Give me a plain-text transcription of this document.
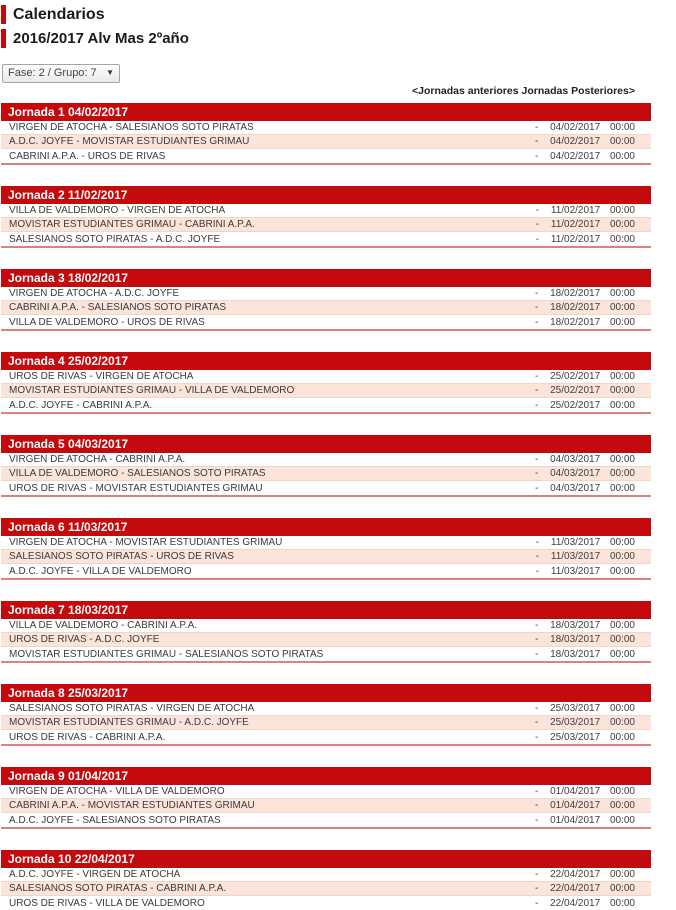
Calendarios
2016/2017 Alv Mas 2ºaño
Fase: 2 / Grupo: 7
▼
<Jornadas anteriores Jornadas Posteriores>
Jornada 1 04/02/2017
VIRGEN DE ATOCHA - SALESIANOS SOTO PIRATAS	- 04/02/2017 00:00
A.D.C. JOYFE - MOVISTAR ESTUDIANTES GRIMAU	- 04/02/2017 00:00
CABRINI A.P.A. - UROS DE RIVAS	- 04/02/2017 00:00
Jornada 2 11/02/2017
VILLA DE VALDEMORO - VIRGEN DE ATOCHA	- 11/02/2017 00:00
MOVISTAR ESTUDIANTES GRIMAU - CABRINI A.P.A.	- 11/02/2017 00:00
SALESIANOS SOTO PIRATAS - A.D.C. JOYFE	- 11/02/2017 00:00
Jornada 3 18/02/2017
VIRGEN DE ATOCHA - A.D.C. JOYFE	- 18/02/2017 00:00
CABRINI A.P.A. - SALESIANOS SOTO PIRATAS	- 18/02/2017 00:00
VILLA DE VALDEMORO - UROS DE RIVAS	- 18/02/2017 00:00
Jornada 4 25/02/2017
UROS DE RIVAS - VIRGEN DE ATOCHA	- 25/02/2017 00:00
MOVISTAR ESTUDIANTES GRIMAU - VILLA DE VALDEMORO	- 25/02/2017 00:00
A.D.C. JOYFE - CABRINI A.P.A.	- 25/02/2017 00:00
Jornada 5 04/03/2017
VIRGEN DE ATOCHA - CABRINI A.P.A.	- 04/03/2017 00:00
VILLA DE VALDEMORO - SALESIANOS SOTO PIRATAS	- 04/03/2017 00:00
UROS DE RIVAS - MOVISTAR ESTUDIANTES GRIMAU	- 04/03/2017 00:00
Jornada 6 11/03/2017
VIRGEN DE ATOCHA - MOVISTAR ESTUDIANTES GRIMAU	- 11/03/2017 00:00
SALESIANOS SOTO PIRATAS - UROS DE RIVAS	- 11/03/2017 00:00
A.D.C. JOYFE - VILLA DE VALDEMORO	- 11/03/2017 00:00
Jornada 7 18/03/2017
VILLA DE VALDEMORO - CABRINI A.P.A.	- 18/03/2017 00:00
UROS DE RIVAS - A.D.C. JOYFE	- 18/03/2017 00:00
MOVISTAR ESTUDIANTES GRIMAU - SALESIANOS SOTO PIRATAS	- 18/03/2017 00:00
Jornada 8 25/03/2017
SALESIANOS SOTO PIRATAS - VIRGEN DE ATOCHA	- 25/03/2017 00:00
MOVISTAR ESTUDIANTES GRIMAU - A.D.C. JOYFE	- 25/03/2017 00:00
UROS DE RIVAS - CABRINI A.P.A.	- 25/03/2017 00:00
Jornada 9 01/04/2017
VIRGEN DE ATOCHA - VILLA DE VALDEMORO	- 01/04/2017 00:00
CABRINI A.P.A. - MOVISTAR ESTUDIANTES GRIMAU	- 01/04/2017 00:00
A.D.C. JOYFE - SALESIANOS SOTO PIRATAS	- 01/04/2017 00:00
Jornada 10 22/04/2017
A.D.C. JOYFE - VIRGEN DE ATOCHA	- 22/04/2017 00:00
SALESIANOS SOTO PIRATAS - CABRINI A.P.A.	- 22/04/2017 00:00
UROS DE RIVAS - VILLA DE VALDEMORO	- 22/04/2017 00:00
